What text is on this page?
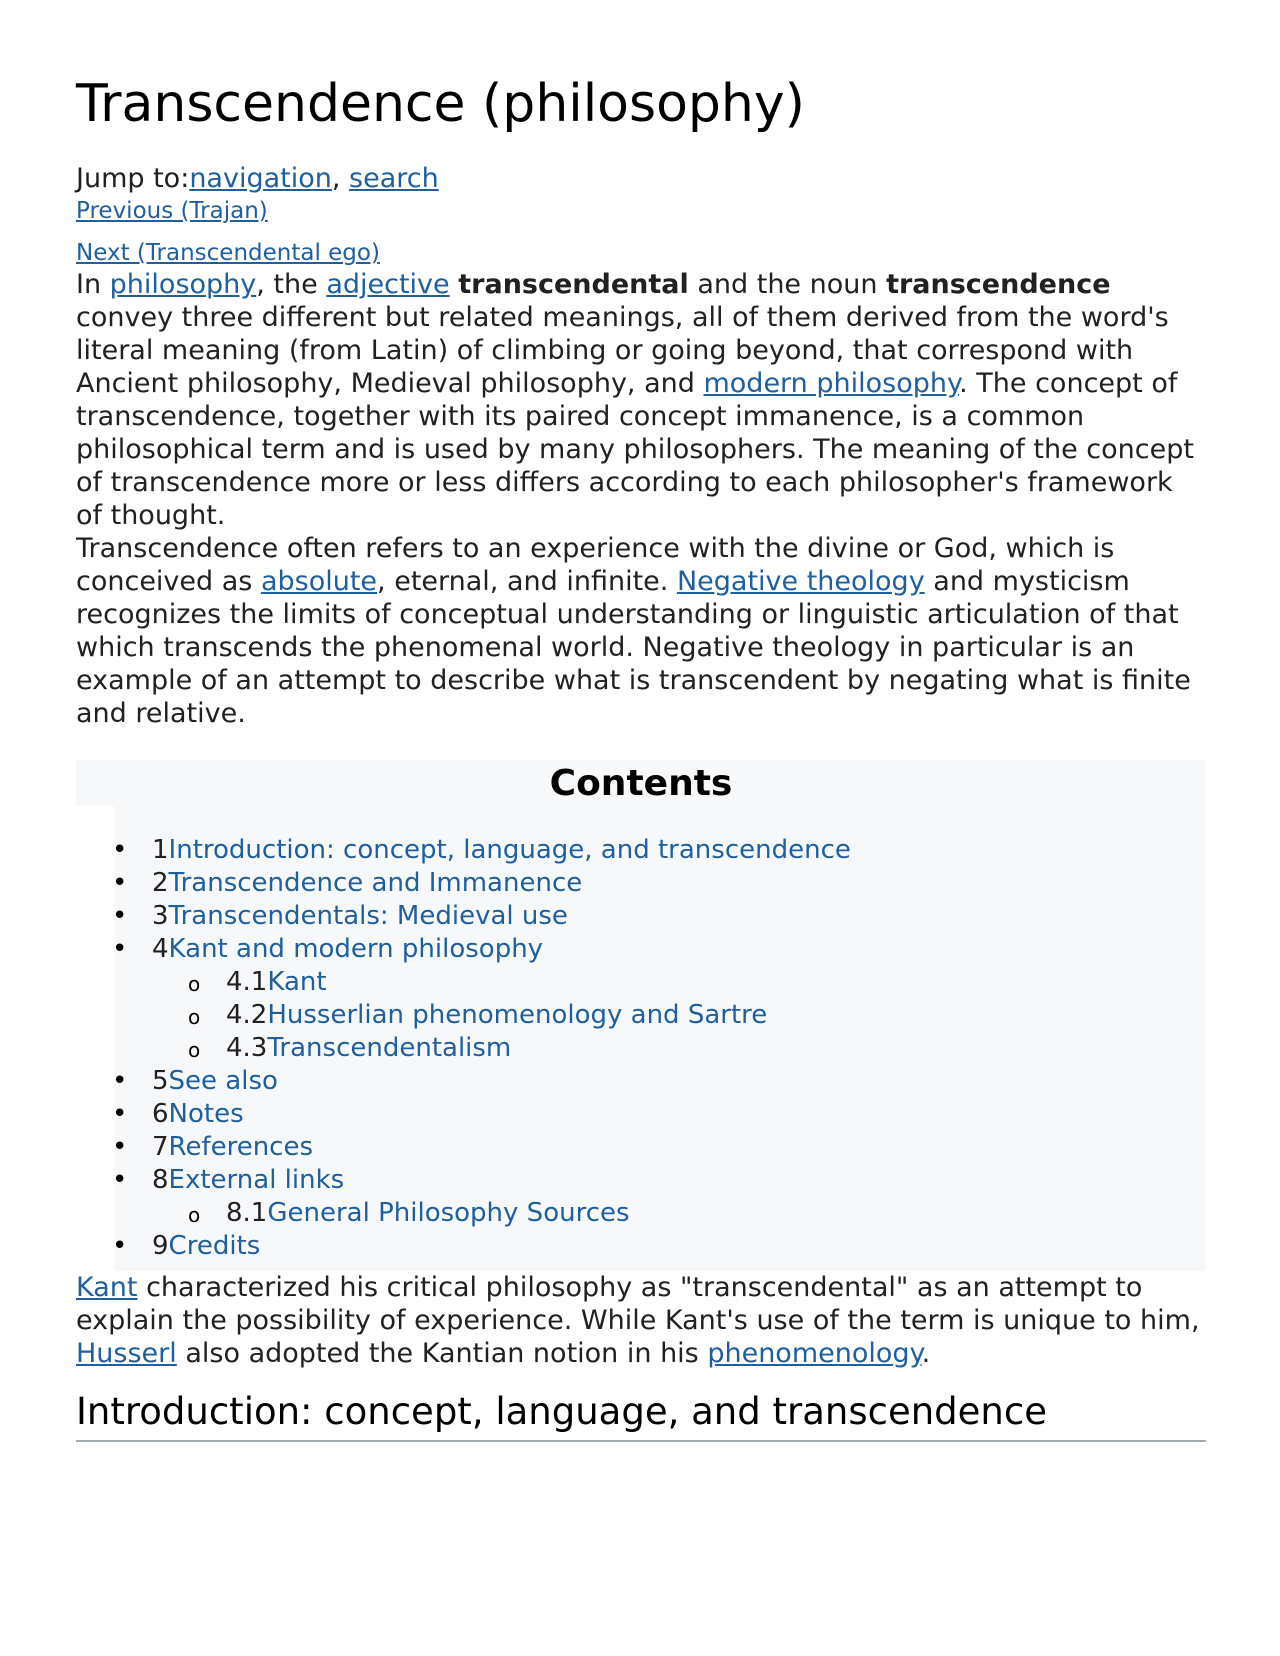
Transcendence (philosophy)
Jump to:navigation, search
Previous (Trajan)
Next (Transcendental ego)

In philosophy, the adjective transcendental and the noun transcendence convey three different but related meanings, all of them derived from the word's literal meaning (from Latin) of climbing or going beyond, that correspond with Ancient philosophy, Medieval philosophy, and modern philosophy. The concept of transcendence, together with its paired concept immanence, is a common philosophical term and is used by many philosophers. The meaning of the concept of transcendence more or less differs according to each philosopher's framework of thought.

Transcendence often refers to an experience with the divine or God, which is conceived as absolute, eternal, and infinite. Negative theology and mysticism recognizes the limits of conceptual understanding or linguistic articulation of that which transcends the phenomenal world. Negative theology in particular is an example of an attempt to describe what is transcendent by negating what is finite and relative.

Contents
• 1Introduction: concept, language, and transcendence
• 2Transcendence and Immanence
• 3Transcendentals: Medieval use
• 4Kant and modern philosophy
o 4.1Kant
o 4.2Husserlian phenomenology and Sartre
o 4.3Transcendentalism
• 5See also
• 6Notes
• 7References
• 8External links
o 8.1General Philosophy Sources
• 9Credits

Kant characterized his critical philosophy as "transcendental" as an attempt to explain the possibility of experience. While Kant's use of the term is unique to him, Husserl also adopted the Kantian notion in his phenomenology.

Introduction: concept, language, and transcendence
